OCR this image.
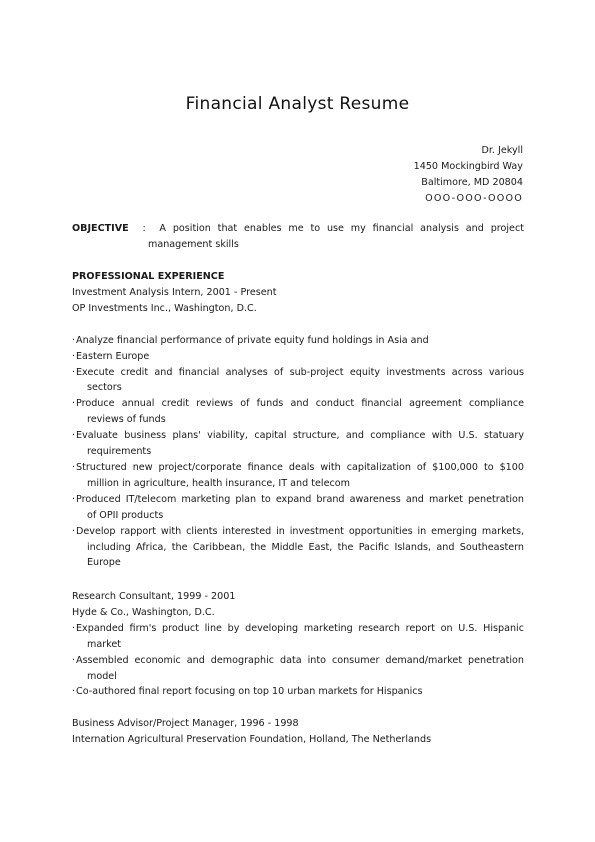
Financial Analyst Resume
Dr. Jekyll
1450 Mockingbird Way
Baltimore, MD 20804
OOO-OOO-OOOO
OBJECTIVE : A position that enables me to use my financial analysis and project
management skills
PROFESSIONAL EXPERIENCE
Investment Analysis Intern, 2001 - Present
OP Investments Inc., Washington, D.C.
· Analyze financial performance of private equity fund holdings in Asia and
· Eastern Europe
· Execute credit and financial analyses of sub-project equity investments across various
sectors
· Produce annual credit reviews of funds and conduct financial agreement compliance
reviews of funds
· Evaluate business plans' viability, capital structure, and compliance with U.S. statuary
requirements
· Structured new project/corporate finance deals with capitalization of $100,000 to $100
million in agriculture, health insurance, IT and telecom
· Produced IT/telecom marketing plan to expand brand awareness and market penetration
of OPII products
· Develop rapport with clients interested in investment opportunities in emerging markets,
including Africa, the Caribbean, the Middle East, the Pacific Islands, and Southeastern
Europe
Research Consultant, 1999 - 2001
Hyde & Co., Washington, D.C.
· Expanded firm's product line by developing marketing research report on U.S. Hispanic
market
· Assembled economic and demographic data into consumer demand/market penetration
model
· Co-authored final report focusing on top 10 urban markets for Hispanics
Business Advisor/Project Manager, 1996 - 1998
Internation Agricultural Preservation Foundation, Holland, The Netherlands
